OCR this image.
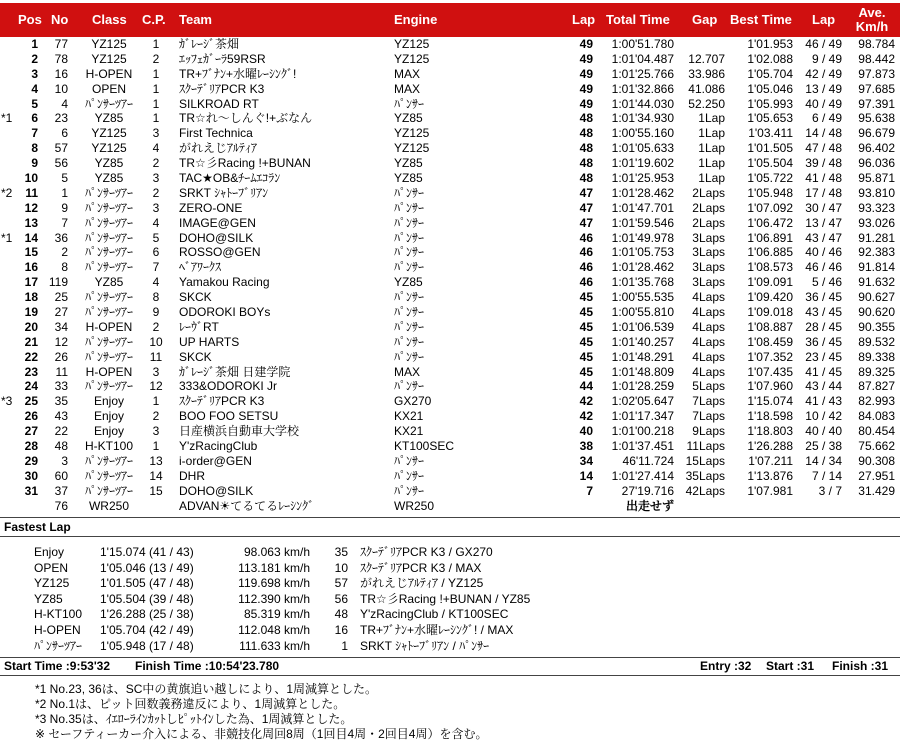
Pos No Class C.P. Team	Engine	Lap Total Time Gap Best Time Lap	Ave.
Km/h
1	77	YZ125	1	ｶﾞﾚｰｼﾞ茶畑	YZ125	49	1:00'51.780	1'01.953	46 / 49	98.784
2	78	YZ125	2	ｴｯﾌｪｶﾞｰﾗ59RSR	YZ125	49	1:01'04.487	12.707	1'02.088	9 / 49	98.442
3	16	H-OPEN	1	TR+ﾌﾞﾅﾝ+水曜ﾚｰｼﾝｸﾞ!	MAX	49	1:01'25.766	33.986	1'05.704	42 / 49	97.873
4	10	OPEN	1	ｽｸｰﾃﾞﾘｱPCR K3	MAX	49	1:01'32.866	41.086	1'05.046	13 / 49	97.685
5	4	ﾊﾟﾝｻｰﾂｱｰ	1	SILKROAD RT	ﾊﾟﾝｻｰ	49	1:01'44.030	52.250	1'05.993	40 / 49	97.391
*1	6	23	YZ85	1	TR☆れ～しんぐ!+ぶなん	YZ85	48	1:01'34.930	1Lap	1'05.653	6 / 49	95.638
7	6	YZ125	3	First Technica	YZ125	48	1:00'55.160	1Lap	1'03.411	14 / 48	96.679
8	57	YZ125	4	がれえじｱﾙﾃｨｱ	YZ125	48	1:01'05.633	1Lap	1'01.505	47 / 48	96.402
9	56	YZ85	2	TR☆彡Racing !+BUNAN	YZ85	48	1:01'19.602	1Lap	1'05.504	39 / 48	96.036
10	5	YZ85	3	TAC★OB&ﾁｰﾑｴｺﾗﾝ	YZ85	48	1:01'25.953	1Lap	1'05.722	41 / 48	95.871
*2	11	1	ﾊﾟﾝｻｰﾂｱｰ	2	SRKT ｼｬﾄｰﾌﾞﾘｱﾝ	ﾊﾟﾝｻｰ	47	1:01'28.462	2Laps	1'05.948	17 / 48	93.810
12	9	ﾊﾟﾝｻｰﾂｱｰ	3	ZERO-ONE	ﾊﾟﾝｻｰ	47	1:01'47.701	2Laps	1'07.092	30 / 47	93.323
13	7	ﾊﾟﾝｻｰﾂｱｰ	4	IMAGE@GEN	ﾊﾟﾝｻｰ	47	1:01'59.546	2Laps	1'06.472	13 / 47	93.026
*1	14	36	ﾊﾟﾝｻｰﾂｱｰ	5	DOHO@SILK	ﾊﾟﾝｻｰ	46	1:01'49.978	3Laps	1'06.891	43 / 47	91.281
15	2	ﾊﾟﾝｻｰﾂｱｰ	6	ROSSO@GEN	ﾊﾟﾝｻｰ	46	1:01'05.753	3Laps	1'06.885	40 / 46	92.383
16	8	ﾊﾟﾝｻｰﾂｱｰ	7	ﾍﾞｱﾜｰｸｽ	ﾊﾟﾝｻｰ	46	1:01'28.462	3Laps	1'08.573	46 / 46	91.814
17 119	YZ85	4	Yamakou Racing	YZ85	46	1:01'35.768	3Laps	1'09.091	5 / 46	91.632
18	25	ﾊﾟﾝｻｰﾂｱｰ	8	SKCK	ﾊﾟﾝｻｰ	45	1:00'55.535	4Laps	1'09.420	36 / 45	90.627
19	27	ﾊﾟﾝｻｰﾂｱｰ	9	ODOROKI BOYs	ﾊﾟﾝｻｰ	45	1:00'55.810	4Laps	1'09.018	43 / 45	90.620
20	34	H-OPEN	2	ﾚｰｳﾞRT	ﾊﾟﾝｻｰ	45	1:01'06.539	4Laps	1'08.887	28 / 45	90.355
21	12	ﾊﾟﾝｻｰﾂｱｰ	10	UP HARTS	ﾊﾟﾝｻｰ	45	1:01'40.257	4Laps	1'08.459	36 / 45	89.532
22	26	ﾊﾟﾝｻｰﾂｱｰ	11	SKCK	ﾊﾟﾝｻｰ	45	1:01'48.291	4Laps	1'07.352	23 / 45	89.338
23	11	H-OPEN	3	ｶﾞﾚｰｼﾞ茶畑 日建学院	MAX	45	1:01'48.809	4Laps	1'07.435	41 / 45	89.325
24	33	ﾊﾟﾝｻｰﾂｱｰ	12	333&ODOROKI Jr	ﾊﾟﾝｻｰ	44	1:01'28.259	5Laps	1'07.960	43 / 44	87.827
*3	25	35	Enjoy	1	ｽｸｰﾃﾞﾘｱPCR K3	GX270	42	1:02'05.647	7Laps	1'15.074	41 / 43	82.993
26	43	Enjoy	2	BOO FOO SETSU	KX21	42	1:01'17.347	7Laps	1'18.598	10 / 42	84.083
27	22	Enjoy	3	日産横浜自動車大学校	KX21	40	1:01'00.218	9Laps	1'18.803	40 / 40	80.454
28	48	H-KT100	1	Y'zRacingClub	KT100SEC	38	1:01'37.451	11Laps	1'26.288	25 / 38	75.662
29	3	ﾊﾟﾝｻｰﾂｱｰ	13	i-order@GEN	ﾊﾟﾝｻｰ	34	46'11.724 15Laps	1'07.211	14 / 34	90.308
30	60	ﾊﾟﾝｻｰﾂｱｰ	14	DHR	ﾊﾟﾝｻｰ	14	1:01'27.414 35Laps	1'13.876	7 / 14	27.951
31	37	ﾊﾟﾝｻｰﾂｱｰ	15	DOHO@SILK	ﾊﾟﾝｻｰ	7	27'19.716 42Laps	1'07.981	3 / 7	31.429
76	WR250	ADVAN☀てるてるﾚｰｼﾝｸﾞ	WR250	出走せず
Fastest Lap
Enjoy	1'15.074 (41 / 43)	98.063 km/h	35 ｽｸｰﾃﾞﾘｱPCR K3 / GX270
OPEN	1'05.046 (13 / 49)	113.181 km/h	10 ｽｸｰﾃﾞﾘｱPCR K3 / MAX
YZ125	1'01.505 (47 / 48)	119.698 km/h	57 がれえじｱﾙﾃｨｱ / YZ125
YZ85	1'05.504 (39 / 48)	112.390 km/h	56 TR☆彡Racing !+BUNAN / YZ85
H-KT100 1'26.288 (25 / 38)	85.319 km/h	48 Y'zRacingClub / KT100SEC
H-OPEN 1'05.704 (42 / 49)	112.048 km/h	16 TR+ﾌﾞﾅﾝ+水曜ﾚｰｼﾝｸﾞ! / MAX
ﾊﾟﾝｻｰﾂｱｰ 1'05.948 (17 / 48)	111.633 km/h	1 SRKT ｼｬﾄｰﾌﾞﾘｱﾝ / ﾊﾟﾝｻｰ
Start Time :9:53'32 Finish Time :10:54'23.780	Entry :32 Start :31 Finish :31
*1 No.23, 36は、SC中の黄旗追い越しにより、1周減算とした。
*2 No.1は、ピット回数義務違反により、1周減算とした。
*3 No.35は、ｲｴﾛｰﾗｲﾝｶｯﾄしﾋﾟｯﾄｲﾝした為、1周減算とした。
※ セーフティーカー介入による、非競技化周回8周（1回目4周・2回目4周）を含む。
